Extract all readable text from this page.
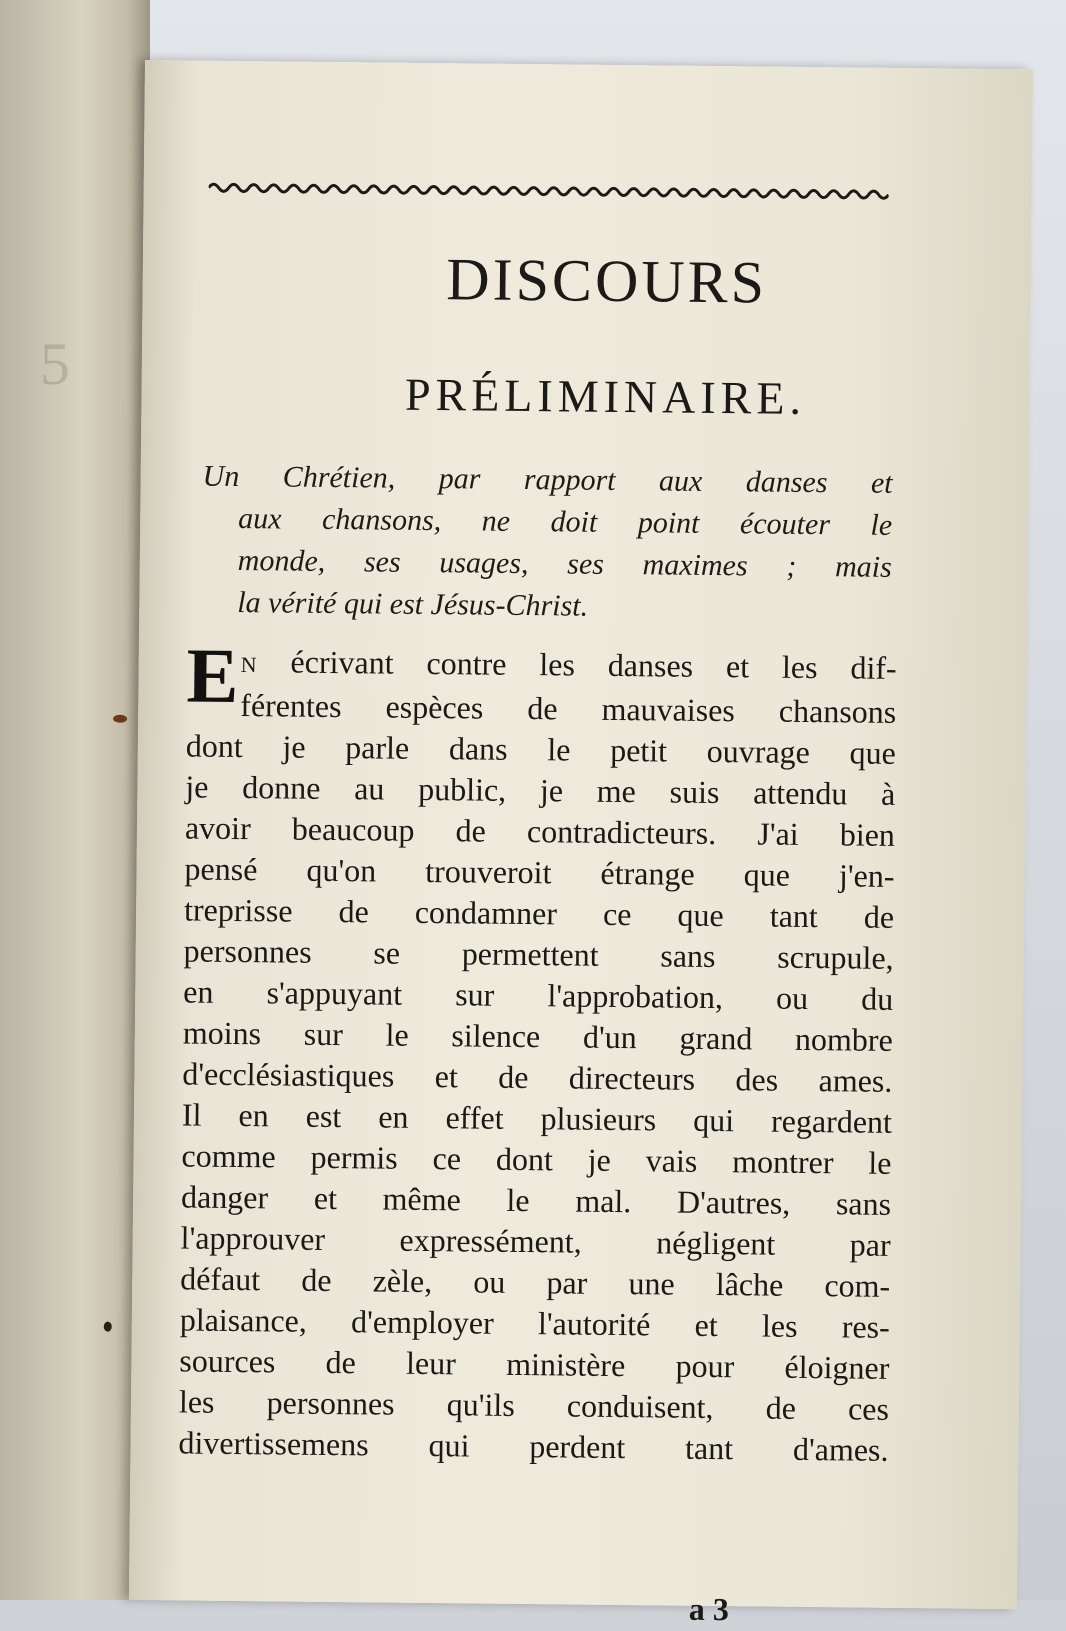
5
DISCOURS
PRÉLIMINAIRE.
Un Chrétien, par rapport aux danses et
aux chansons, ne doit point écouter le
monde, ses usages, ses maximes ; mais
la vérité qui est Jésus-Christ.
E N écrivant contre les danses et les dif-
férentes espèces de mauvaises chansons
dont je parle dans le petit ouvrage que
je donne au public, je me suis attendu à
avoir beaucoup de contradicteurs. J'ai bien
pensé qu'on trouveroit étrange que j'en-
treprisse de condamner ce que tant de
personnes se permettent sans scrupule,
en s'appuyant sur l'approbation, ou du
moins sur le silence d'un grand nombre
d'ecclésiastiques et de directeurs des ames.
Il en est en effet plusieurs qui regardent
comme permis ce dont je vais montrer le
danger et même le mal. D'autres, sans
l'approuver expressément, négligent par
défaut de zèle, ou par une lâche com-
plaisance, d'employer l'autorité et les res-
sources de leur ministère pour éloigner
les personnes qu'ils conduisent, de ces
divertissemens qui perdent tant d'ames.
a 3
